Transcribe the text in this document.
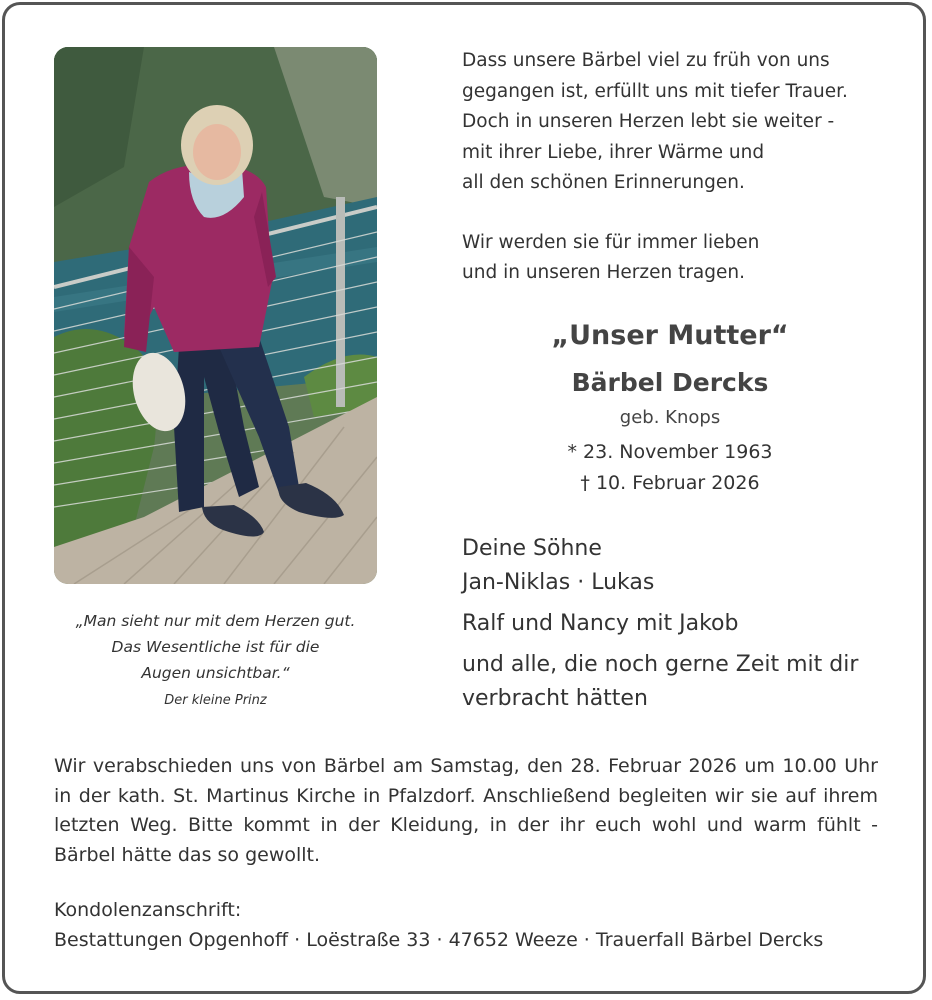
„Man sieht nur mit dem Herzen gut.
Das Wesentliche ist für die
Augen unsichtbar.“
Der kleine Prinz

Dass unsere Bärbel viel zu früh von uns
gegangen ist, erfüllt uns mit tiefer Trauer.
Doch in unseren Herzen lebt sie weiter -
mit ihrer Liebe, ihrer Wärme und
all den schönen Erinnerungen.

Wir werden sie für immer lieben
und in unseren Herzen tragen.

„Unser Mutter“
Bärbel Dercks
geb. Knops
* 23. November 1963
† 10. Februar 2026

Deine Söhne

Jan-Niklas · Lukas

Ralf und Nancy mit Jakob

und alle, die noch gerne Zeit mit dir

verbracht hätten

Wir verabschieden uns von Bärbel am Samstag, den 28. Februar 2026 um 10.00 Uhr in der kath. St. Martinus Kirche in Pfalzdorf. Anschließend begleiten wir sie auf ihrem letzten Weg. Bitte kommt in der Kleidung, in der ihr euch wohl und warm fühlt - Bärbel hätte das so gewollt.

Kondolenzanschrift:

Bestattungen Opgenhoff · Loëstraße 33 · 47652 Weeze · Trauerfall Bärbel Dercks
